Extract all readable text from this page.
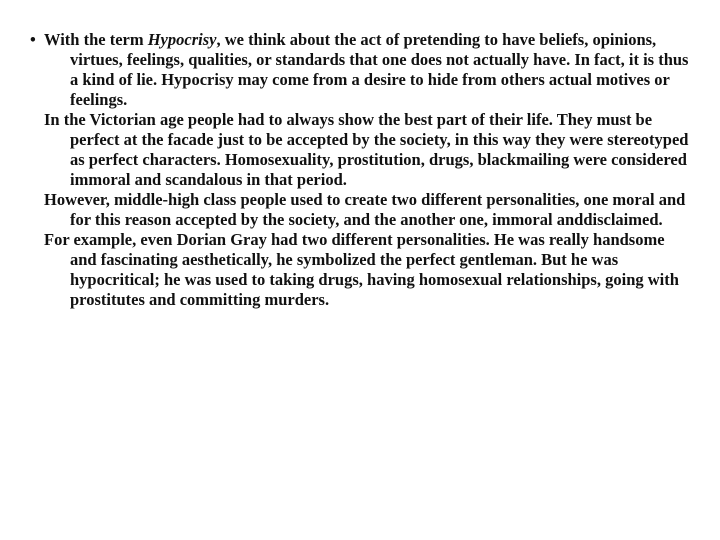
• With the term Hypocrisy, we think about the act of pretending to have beliefs, opinions, virtues, feelings, qualities, or standards that one does not actually have. In fact, it is thus a kind of lie. Hypocrisy may come from a desire to hide from others actual motives or feelings.

In the Victorian age people had to always show the best part of their life. They must be perfect at the facade just to be accepted by the society, in this way they were stereotyped as perfect characters. Homosexuality, prostitution, drugs, blackmailing were considered immoral and scandalous in that period.

However, middle-high class people used to create two different personalities, one moral and for this reason accepted by the society, and the another one, immoral anddisclaimed.

For example, even Dorian Gray had two different personalities. He was really handsome and fascinating aesthetically, he symbolized the perfect gentleman. But he was hypocritical; he was used to taking drugs, having homosexual relationships, going with prostitutes and committing murders.
